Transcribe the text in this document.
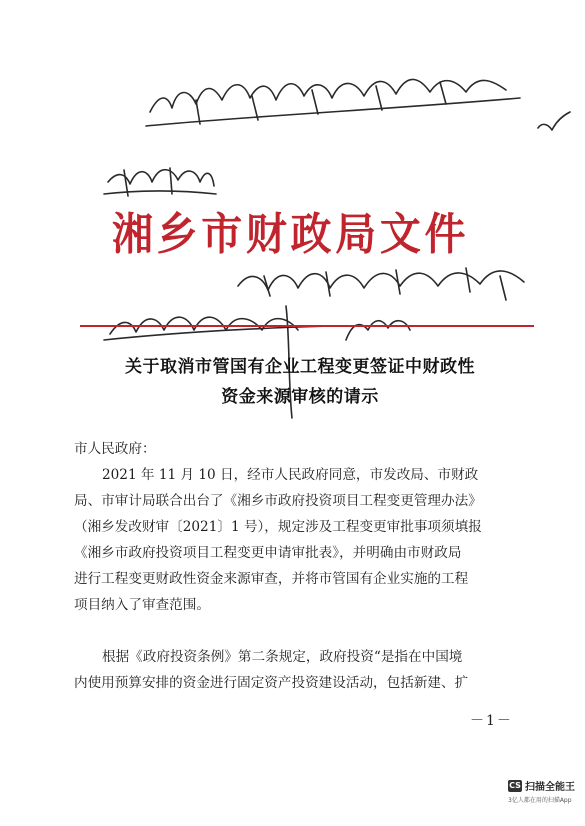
湘乡市财政局文件
关于取消市管国有企业工程变更签证中财政性
资金来源审核的请示
市人民政府：
2021 年 11 月 10 日，经市人民政府同意，市发改局、市财政
局、市审计局联合出台了《湘乡市政府投资项目工程变更管理办法》
（湘乡发改财审〔2021〕1 号），规定涉及工程变更审批事项须填报
《湘乡市政府投资项目工程变更申请审批表》，并明确由市财政局
进行工程变更财政性资金来源审查，并将市管国有企业实施的工程
项目纳入了审查范围。
根据《政府投资条例》第二条规定，政府投资“是指在中国境
内使用预算安排的资金进行固定资产投资建设活动，包括新建、扩
－1－
CS 扫描全能王
3亿人都在用的扫描App
